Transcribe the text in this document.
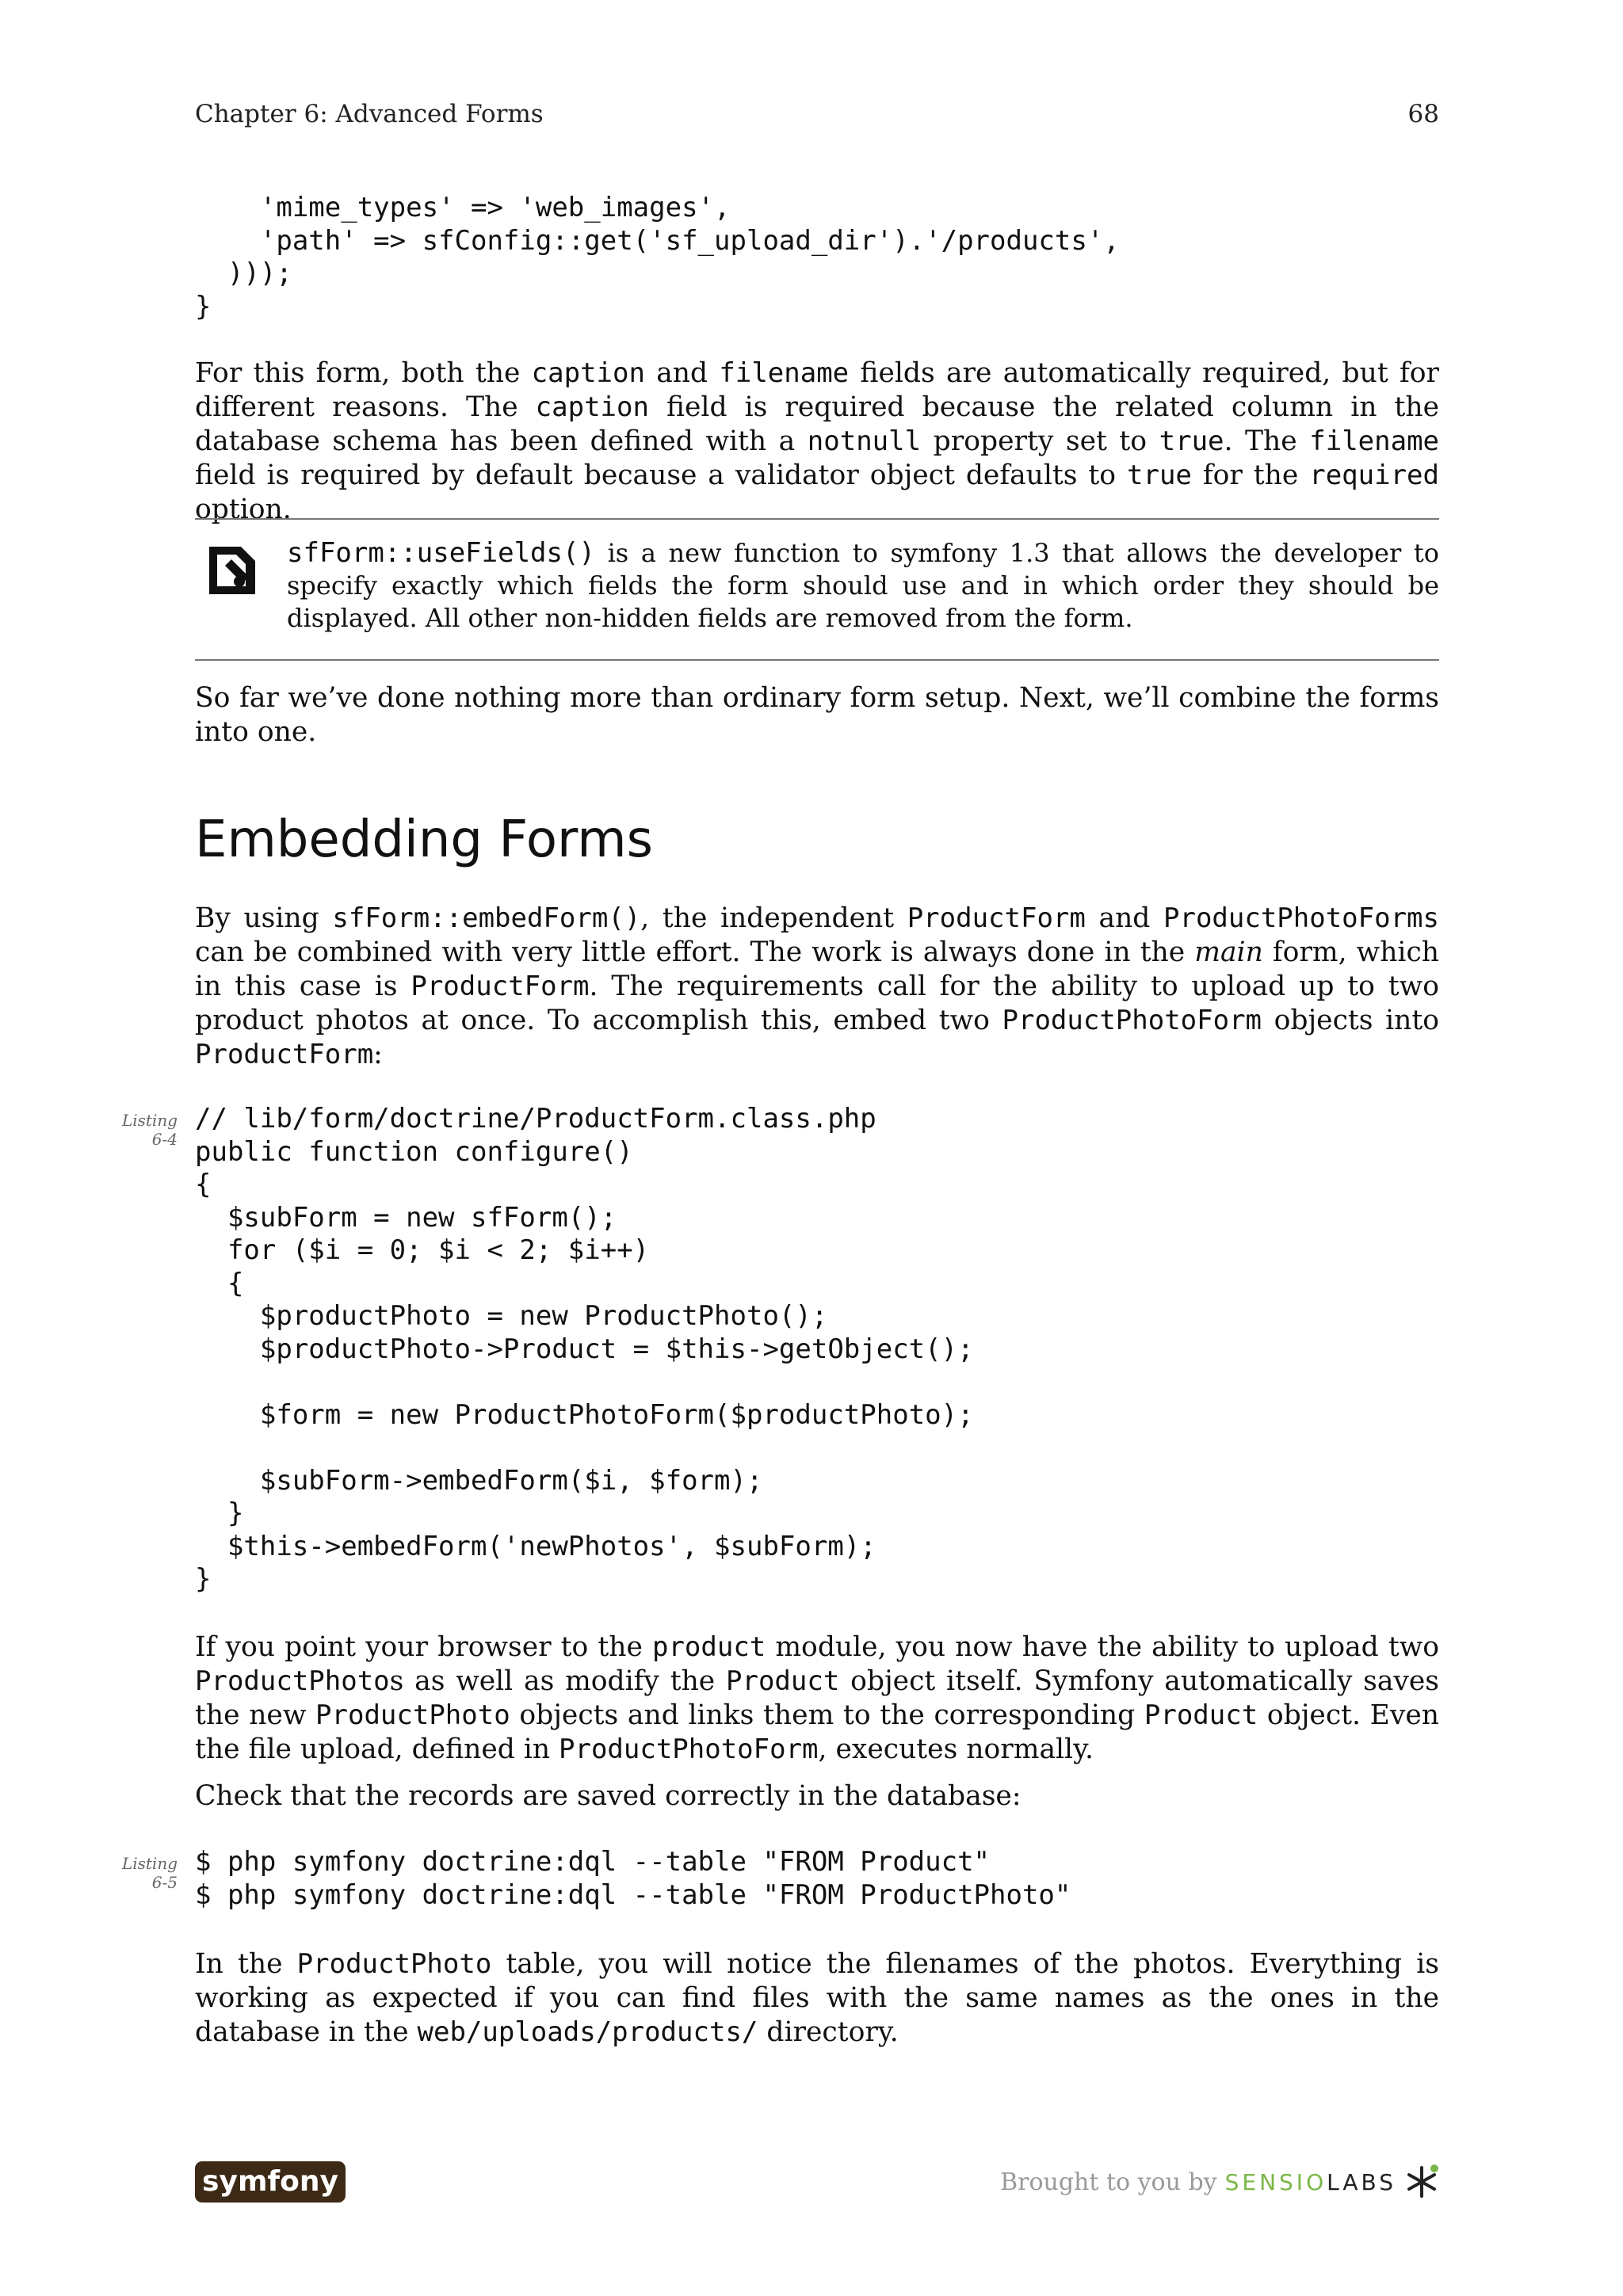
Chapter 6: Advanced Forms	68
'mime_types' => 'web_images',
'path' => sfConfig::get('sf_upload_dir').'/products',
)));
}

For this form, both the caption and filename fields are automatically required, but for different reasons. The caption field is required because the related column in the database schema has been defined with a notnull property set to true. The filename field is required by default because a validator object defaults to true for the required option.

sfForm::useFields() is a new function to symfony 1.3 that allows the developer to specify exactly which fields the form should use and in which order they should be displayed. All other non-hidden fields are removed from the form.

So far we’ve done nothing more than ordinary form setup. Next, we’ll combine the forms into one.

Embedding Forms

By using sfForm::embedForm(), the independent ProductForm and ProductPhotoForms can be combined with very little effort. The work is always done in the main form, which in this case is ProductForm. The requirements call for the ability to upload up to two product photos at once. To accomplish this, embed two ProductPhotoForm objects into ProductForm:

Listing
6-4
// lib/form/doctrine/ProductForm.class.php
public function configure()
{
$subForm = new sfForm();
for ($i = 0; $i < 2; $i++)
{
$productPhoto = new ProductPhoto();
$productPhoto->Product = $this->getObject();

$form = new ProductPhotoForm($productPhoto);

$subForm->embedForm($i, $form);
}
$this->embedForm('newPhotos', $subForm);
}

If you point your browser to the product module, you now have the ability to upload two ProductPhotos as well as modify the Product object itself. Symfony automatically saves the new ProductPhoto objects and links them to the corresponding Product object. Even the file upload, defined in ProductPhotoForm, executes normally.

Check that the records are saved correctly in the database:

Listing
6-5
$ php symfony doctrine:dql --table "FROM Product"
$ php symfony doctrine:dql --table "FROM ProductPhoto"

In the ProductPhoto table, you will notice the filenames of the photos. Everything is working as expected if you can find files with the same names as the ones in the database in the web/uploads/products/ directory.

symfony	Brought to you by SENSIOLABS
